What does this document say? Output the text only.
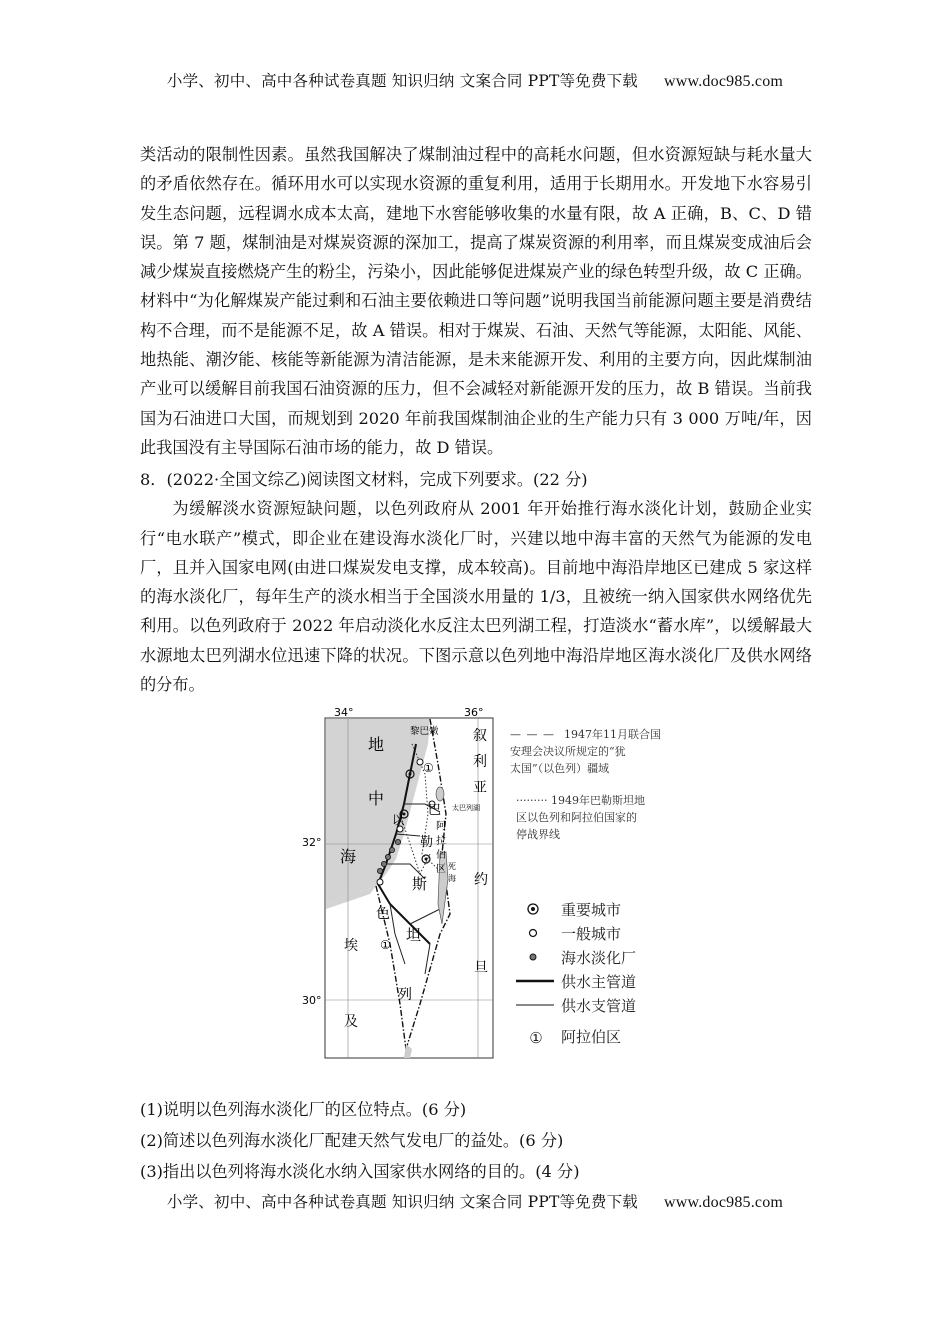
小学、初中、高中各种试卷真题 知识归纳 文案合同 PPT等免费下载 www.doc985.com

类活动的限制性因素。虽然我国解决了煤制油过程中的高耗水问题，但水资源短缺与耗水量大的矛盾依然存在。循环用水可以实现水资源的重复利用，适用于长期用水。开发地下水容易引发生态问题，远程调水成本太高，建地下水窖能够收集的水量有限，故 A 正确，B、C、D 错误。第 7 题，煤制油是对煤炭资源的深加工，提高了煤炭资源的利用率，而且煤炭变成油后会减少煤炭直接燃烧产生的粉尘，污染小，因此能够促进煤炭产业的绿色转型升级，故 C 正确。材料中“为化解煤炭产能过剩和石油主要依赖进口等问题”说明我国当前能源问题主要是消费结构不合理，而不是能源不足，故 A 错误。相对于煤炭、石油、天然气等能源，太阳能、风能、地热能、潮汐能、核能等新能源为清洁能源，是未来能源开发、利用的主要方向，因此煤制油产业可以缓解目前我国石油资源的压力，但不会减轻对新能源开发的压力，故 B 错误。当前我国为石油进口大国，而规划到 2020 年前我国煤制油企业的生产能力只有 3 000 万吨/年，因此我国没有主导国际石油市场的能力，故 D 错误。

8．(2022·全国文综乙)阅读图文材料，完成下列要求。(22 分)

为缓解淡水资源短缺问题，以色列政府从 2001 年开始推行海水淡化计划，鼓励企业实行“电水联产”模式，即企业在建设海水淡化厂时，兴建以地中海丰富的天然气为能源的发电厂，且并入国家电网(由进口煤炭发电支撑，成本较高)。目前地中海沿岸地区已建成 5 家这样的海水淡化厂，每年生产的淡水相当于全国淡水用量的 1/3，且被统一纳入国家供水网络优先利用。以色列政府于 2022 年启动淡化水反注太巴列湖工程，打造淡水“蓄水库”，以缓解最大水源地太巴列湖水位迅速下降的状况。下图示意以色列地中海沿岸地区海水淡化厂及供水网络的分布。

34°	36°
32°
30°
①
①
地
中
海
叙
利
亚
约
旦
埃
及
黎巴嫩
以
色
列
巴
勒
斯
坦
阿
拉
伯
区
太巴列湖
死
海
— — —  1947年11月联合国
安理会决议所规定的“犹
太国”（以色列）疆域
········· 1949年巴勒斯坦地
区以色列和阿拉伯国家的
停战界线
重要城市
一般城市
海水淡化厂
供水主管道
供水支管道
①	阿拉伯区

(1)说明以色列海水淡化厂的区位特点。(6 分)

(2)简述以色列海水淡化厂配建天然气发电厂的益处。(6 分)

(3)指出以色列将海水淡化水纳入国家供水网络的目的。(4 分)

小学、初中、高中各种试卷真题 知识归纳 文案合同 PPT等免费下载 www.doc985.com
